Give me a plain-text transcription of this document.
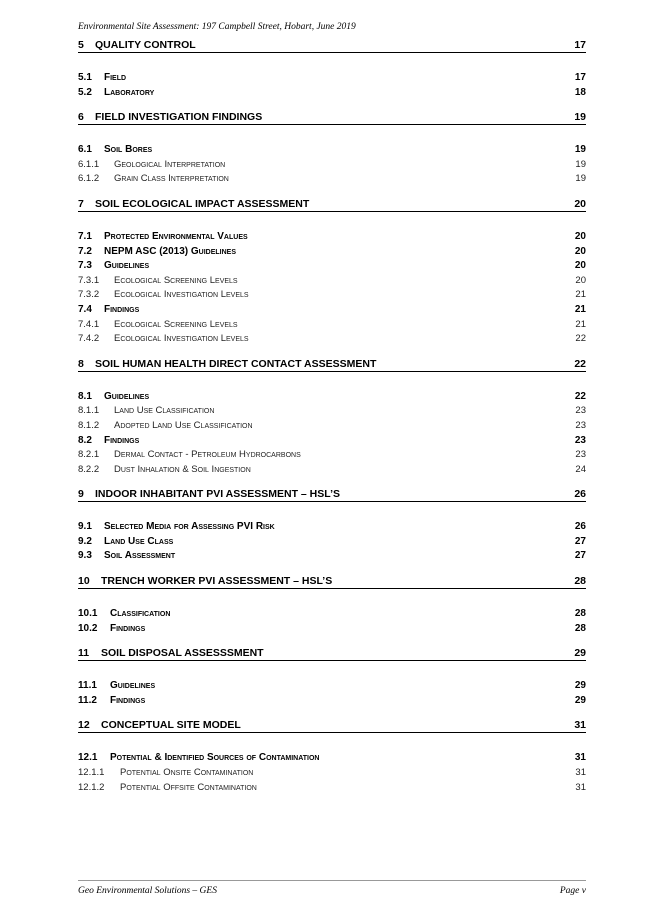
Environmental Site Assessment: 197 Campbell Street, Hobart, June 2019
5 QUALITY CONTROL	17
5.1 Field	17
5.2 Laboratory	18
6 FIELD INVESTIGATION FINDINGS	19
6.1 Soil Bores	19
6.1.1 Geological Interpretation	19
6.1.2 Grain Class Interpretation	19
7 SOIL ECOLOGICAL IMPACT ASSESSMENT	20
7.1 Protected Environmental Values	20
7.2 NEPM ASC (2013) Guidelines	20
7.3 Guidelines	20
7.3.1 Ecological Screening Levels	20
7.3.2 Ecological Investigation Levels	21
7.4 Findings	21
7.4.1 Ecological Screening Levels	21
7.4.2 Ecological Investigation Levels	22
8 SOIL HUMAN HEALTH DIRECT CONTACT ASSESSMENT	22
8.1 Guidelines	22
8.1.1 Land Use Classification	23
8.1.2 Adopted Land Use Classification	23
8.2 Findings	23
8.2.1 Dermal Contact - Petroleum Hydrocarbons	23
8.2.2 Dust Inhalation & Soil Ingestion	24
9 INDOOR INHABITANT PVI ASSESSMENT – HSL’S	26
9.1 Selected Media for Assessing PVI Risk	26
9.2 Land Use Class	27
9.3 Soil Assessment	27
10 TRENCH WORKER PVI ASSESSMENT – HSL’S	28
10.1 Classification	28
10.2 Findings	28
11 SOIL DISPOSAL ASSESSSMENT	29
11.1 Guidelines	29
11.2 Findings	29
12 CONCEPTUAL SITE MODEL	31
12.1 Potential & Identified Sources of Contamination	31
12.1.1 Potential Onsite Contamination	31
12.1.2 Potential Offsite Contamination	31
Geo Environmental Solutions – GES	Page v
